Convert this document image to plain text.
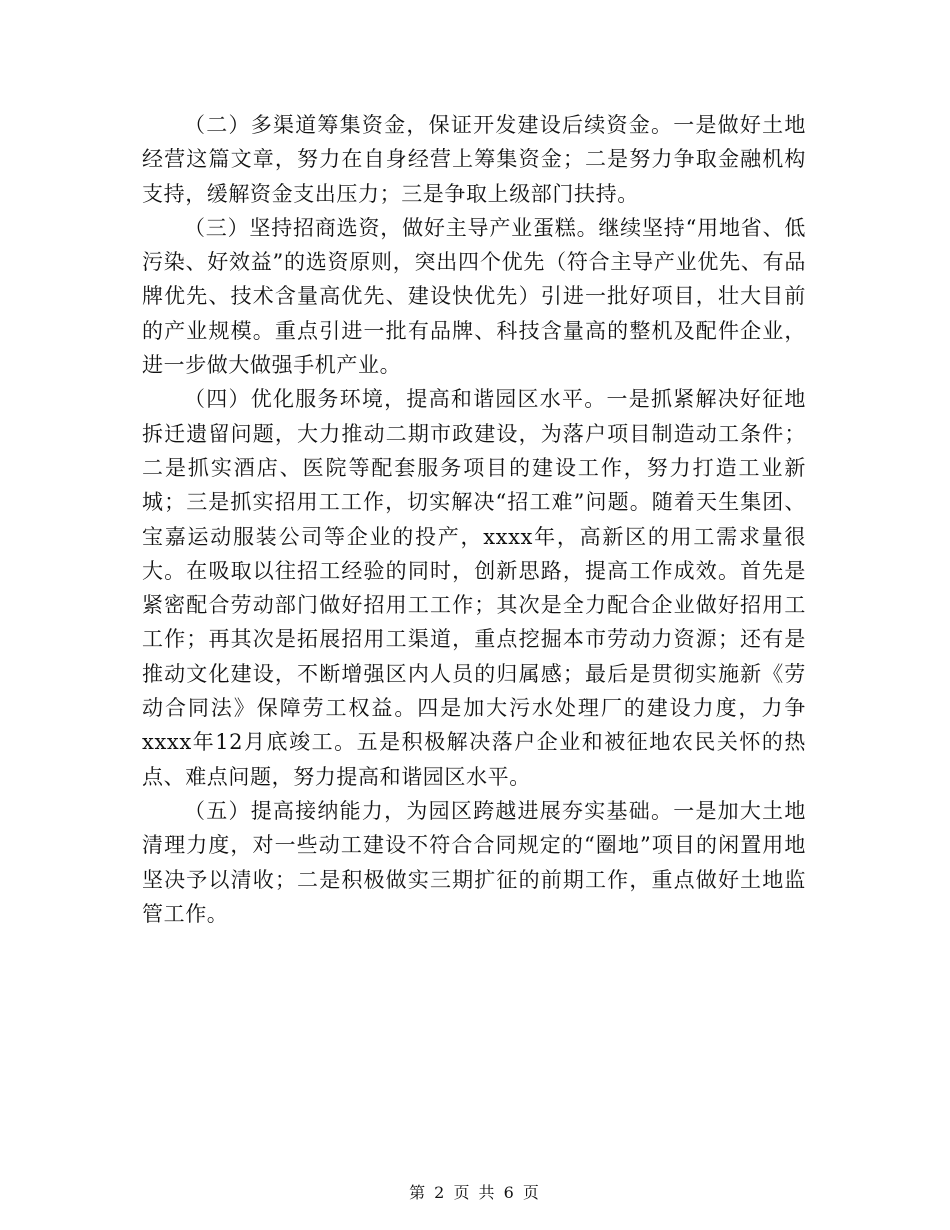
（二）多渠道筹集资金，保证开发建设后续资金。一是做好土地经营这篇文章，努力在自身经营上筹集资金；二是努力争取金融机构支持，缓解资金支出压力；三是争取上级部门扶持。

（三）坚持招商选资，做好主导产业蛋糕。继续坚持“用地省、低污染、好效益”的选资原则，突出四个优先（符合主导产业优先、有品牌优先、技术含量高优先、建设快优先）引进一批好项目，壮大目前的产业规模。重点引进一批有品牌、科技含量高的整机及配件企业，进一步做大做强手机产业。

（四）优化服务环境，提高和谐园区水平。一是抓紧解决好征地拆迁遗留问题，大力推动二期市政建设，为落户项目制造动工条件；二是抓实酒店、医院等配套服务项目的建设工作，努力打造工业新城；三是抓实招用工工作，切实解决“招工难”问题。随着天生集团、宝嘉运动服装公司等企业的投产，xxxx年，高新区的用工需求量很大。在吸取以往招工经验的同时，创新思路，提高工作成效。首先是紧密配合劳动部门做好招用工工作；其次是全力配合企业做好招用工工作；再其次是拓展招用工渠道，重点挖掘本市劳动力资源；还有是推动文化建设，不断增强区内人员的归属感；最后是贯彻实施新《劳动合同法》保障劳工权益。四是加大污水处理厂的建设力度，力争xxxx年12月底竣工。五是积极解决落户企业和被征地农民关怀的热点、难点问题，努力提高和谐园区水平。

（五）提高接纳能力，为园区跨越进展夯实基础。一是加大土地清理力度，对一些动工建设不符合合同规定的“圈地”项目的闲置用地坚决予以清收；二是积极做实三期扩征的前期工作，重点做好土地监管工作。

第 2 页 共 6 页
